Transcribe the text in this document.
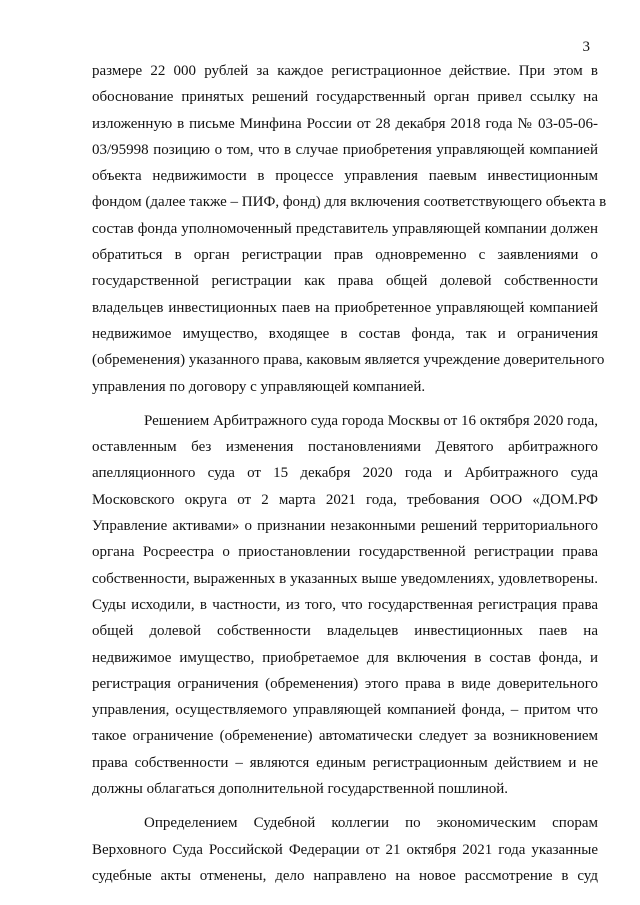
3
размере 22 000 рублей за каждое регистрационное действие. При этом в
обоснование принятых решений государственный орган привел ссылку на
изложенную в письме Минфина России от 28 декабря 2018 года № 03-05-06-
03/95998 позицию о том, что в случае приобретения управляющей компанией
объекта недвижимости в процессе управления паевым инвестиционным
фондом (далее также – ПИФ, фонд) для включения соответствующего объекта в
состав фонда уполномоченный представитель управляющей компании должен
обратиться в орган регистрации прав одновременно с заявлениями о
государственной регистрации как права общей долевой собственности
владельцев инвестиционных паев на приобретенное управляющей компанией
недвижимое имущество, входящее в состав фонда, так и ограничения
(обременения) указанного права, каковым является учреждение доверительного
управления по договору с управляющей компанией.
Решением Арбитражного суда города Москвы от 16 октября 2020 года,
оставленным без изменения постановлениями Девятого арбитражного
апелляционного суда от 15 декабря 2020 года и Арбитражного суда
Московского округа от 2 марта 2021 года, требования ООО «ДОМ.РФ
Управление активами» о признании незаконными решений территориального
органа Росреестра о приостановлении государственной регистрации права
собственности, выраженных в указанных выше уведомлениях, удовлетворены.
Суды исходили, в частности, из того, что государственная регистрация права
общей долевой собственности владельцев инвестиционных паев на
недвижимое имущество, приобретаемое для включения в состав фонда, и
регистрация ограничения (обременения) этого права в виде доверительного
управления, осуществляемого управляющей компанией фонда, – притом что
такое ограничение (обременение) автоматически следует за возникновением
права собственности – являются единым регистрационным действием и не
должны облагаться дополнительной государственной пошлиной.
Определением Судебной коллегии по экономическим спорам
Верховного Суда Российской Федерации от 21 октября 2021 года указанные
судебные акты отменены, дело направлено на новое рассмотрение в суд
